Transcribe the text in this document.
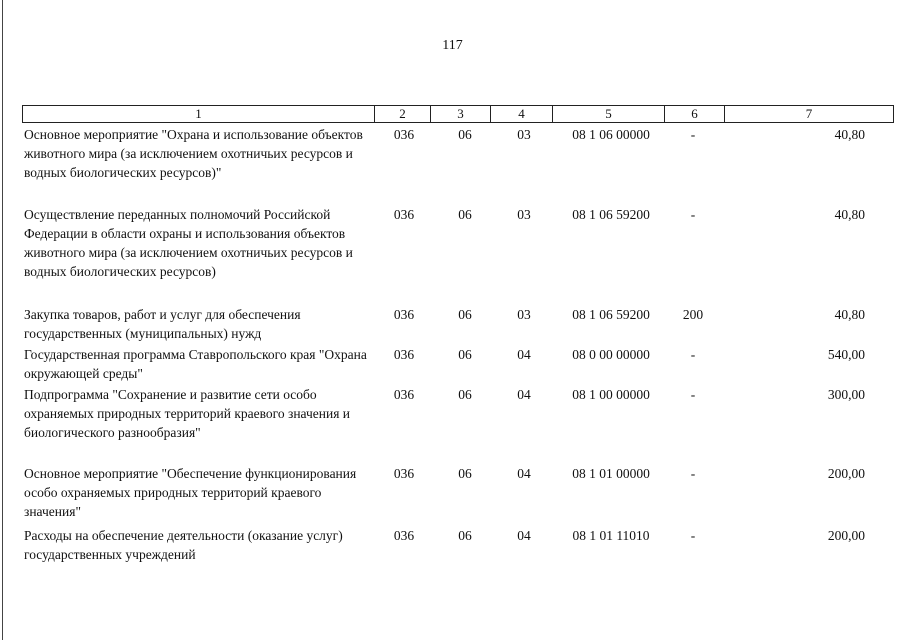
117
1	2	3	4	5	6	7
Основное мероприятие "Охрана и использование объектов животного мира (за исключением охотничьих ресурсов и водных биологических ресурсов)"
036	06	03	08 1 06 00000	-	40,80
Осуществление переданных полномочий Российской Федерации в области охраны и использования объектов животного мира (за исключением охотничьих ресурсов и водных биологических ресурсов)
036	06	03	08 1 06 59200	-	40,80
Закупка товаров, работ и услуг для обеспечения государственных (муниципальных) нужд
036	06	03	08 1 06 59200	200	40,80
Государственная программа Ставропольского края "Охрана окружающей среды"
036	06	04	08 0 00 00000	-	540,00
Подпрограмма "Сохранение и развитие сети особо охраняемых природных территорий краевого значения и биологического разнообразия"
036	06	04	08 1 00 00000	-	300,00
Основное мероприятие "Обеспечение функционирования особо охраняемых природных территорий краевого значения"
036	06	04	08 1 01 00000	-	200,00
Расходы на обеспечение деятельности (оказание услуг) государственных учреждений
036	06	04	08 1 01 11010	-	200,00
